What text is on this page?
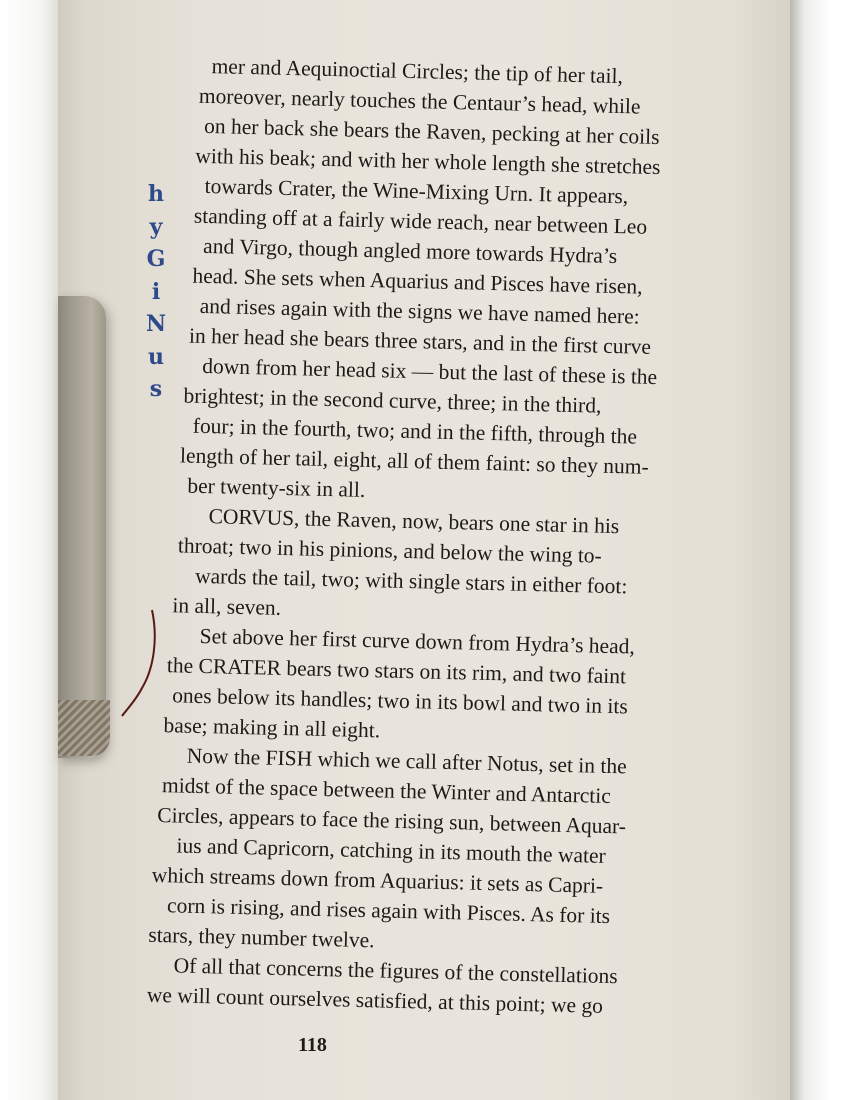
h
y
G
i
N
u
s
mer and Aequinoctial Circles; the tip of her tail,
moreover, nearly touches the Centaur’s head, while
on her back she bears the Raven, pecking at her coils
with his beak; and with her whole length she stretches
towards Crater, the Wine-Mixing Urn. It appears,
standing off at a fairly wide reach, near between Leo
and Virgo, though angled more towards Hydra’s
head. She sets when Aquarius and Pisces have risen,
and rises again with the signs we have named here:
in her head she bears three stars, and in the first curve
down from her head six — but the last of these is the
brightest; in the second curve, three; in the third,
four; in the fourth, two; and in the fifth, through the
length of her tail, eight, all of them faint: so they num-
ber twenty-six in all.
CORVUS, the Raven, now, bears one star in his
throat; two in his pinions, and below the wing to-
wards the tail, two; with single stars in either foot:
in all, seven.
Set above her first curve down from Hydra’s head,
the CRATER bears two stars on its rim, and two faint
ones below its handles; two in its bowl and two in its
base; making in all eight.
Now the FISH which we call after Notus, set in the
midst of the space between the Winter and Antarctic
Circles, appears to face the rising sun, between Aquar-
ius and Capricorn, catching in its mouth the water
which streams down from Aquarius: it sets as Capri-
corn is rising, and rises again with Pisces. As for its
stars, they number twelve.
Of all that concerns the figures of the constellations
we will count ourselves satisfied, at this point; we go
118
